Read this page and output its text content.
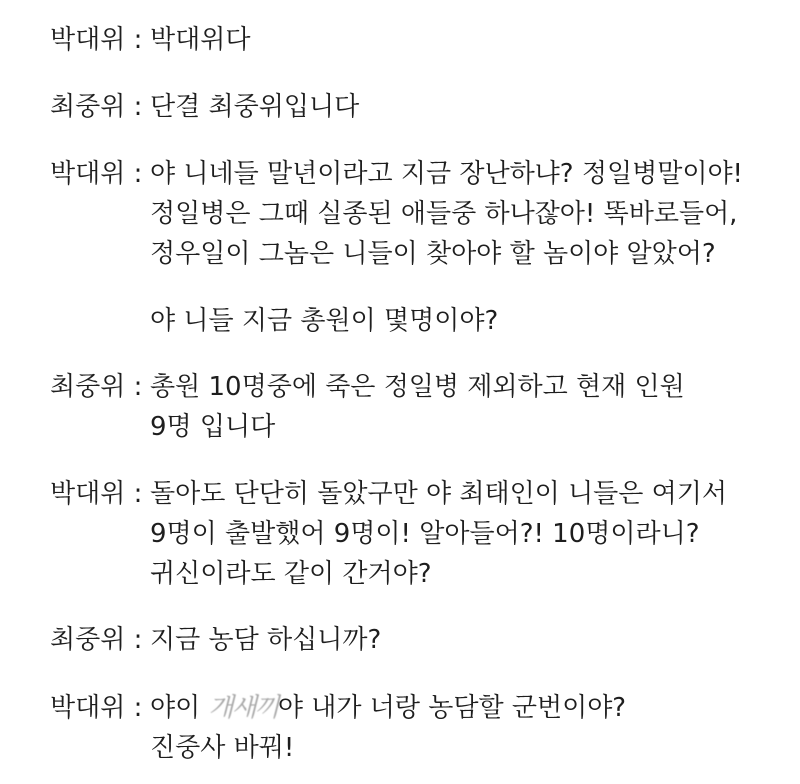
박대위 : 박대위다
최중위 : 단결 최중위입니다
박대위 : 야 니네들 말년이라고 지금 장난하냐? 정일병말이야!
정일병은 그때 실종된 애들중 하나잖아! 똑바로들어,
정우일이 그놈은 니들이 찾아야 할 놈이야 알았어?
야 니들 지금 총원이 몇명이야?
최중위 : 총원 10명중에 죽은 정일병 제외하고 현재 인원
9명 입니다
박대위 : 돌아도 단단히 돌았구만 야 최태인이 니들은 여기서
9명이 출발했어 9명이! 알아들어?! 10명이라니?
귀신이라도 같이 간거야?
최중위 : 지금 농담 하십니까?
박대위 : 야이 개새끼야 내가 너랑 농담할 군번이야?
진중사 바꿔!
